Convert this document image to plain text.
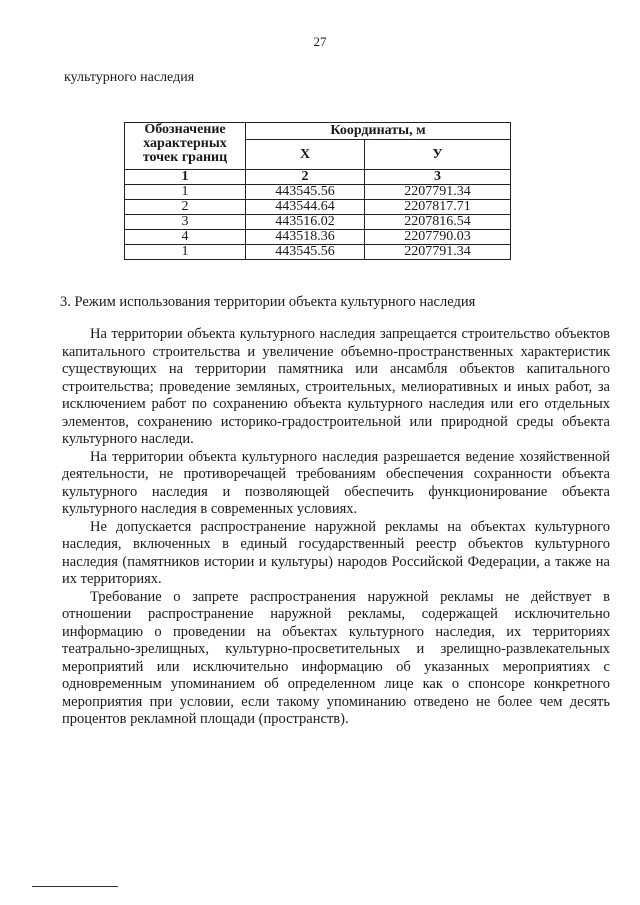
27
культурного наследия
Обозначение характерных точек границ	Координаты, м	
	Х	У
1	2	3
1	443545.56	2207791.34
2	443544.64	2207817.71
3	443516.02	2207816.54
4	443518.36	2207790.03
1	443545.56	2207791.34
3. Режим использования территории объекта культурного наследия

На территории объекта культурного наследия запрещается строительство объектов капитального строительства и увеличение объемно-пространственных характеристик существующих на территории памятника или ансамбля объектов капитального строительства; проведение земляных, строительных, мелиоративных и иных работ, за исключением работ по сохранению объекта культурного наследия или его отдельных элементов, сохранению историко-градостроительной или природной среды объекта культурного наследи.

На территории объекта культурного наследия разрешается ведение хозяйственной деятельности, не противоречащей требованиям обеспечения сохранности объекта культурного наследия и позволяющей обеспечить функционирование объекта культурного наследия в современных условиях.

Не допускается распространение наружной рекламы на объектах культурного наследия, включенных в единый государственный реестр объектов культурного наследия (памятников истории и культуры) народов Российской Федерации, а также на их территориях.

Требование о запрете распространения наружной рекламы не действует в отношении распространение наружной рекламы, содержащей исключительно информацию о проведении на объектах культурного наследия, их территориях театрально-зрелищных, культурно-просветительных и зрелищно-развлекательных мероприятий или исключительно информацию об указанных мероприятиях с одновременным упоминанием об определенном лице как о спонсоре конкретного мероприятия при условии, если такому упоминанию отведено не более чем десять процентов рекламной площади (пространств).
